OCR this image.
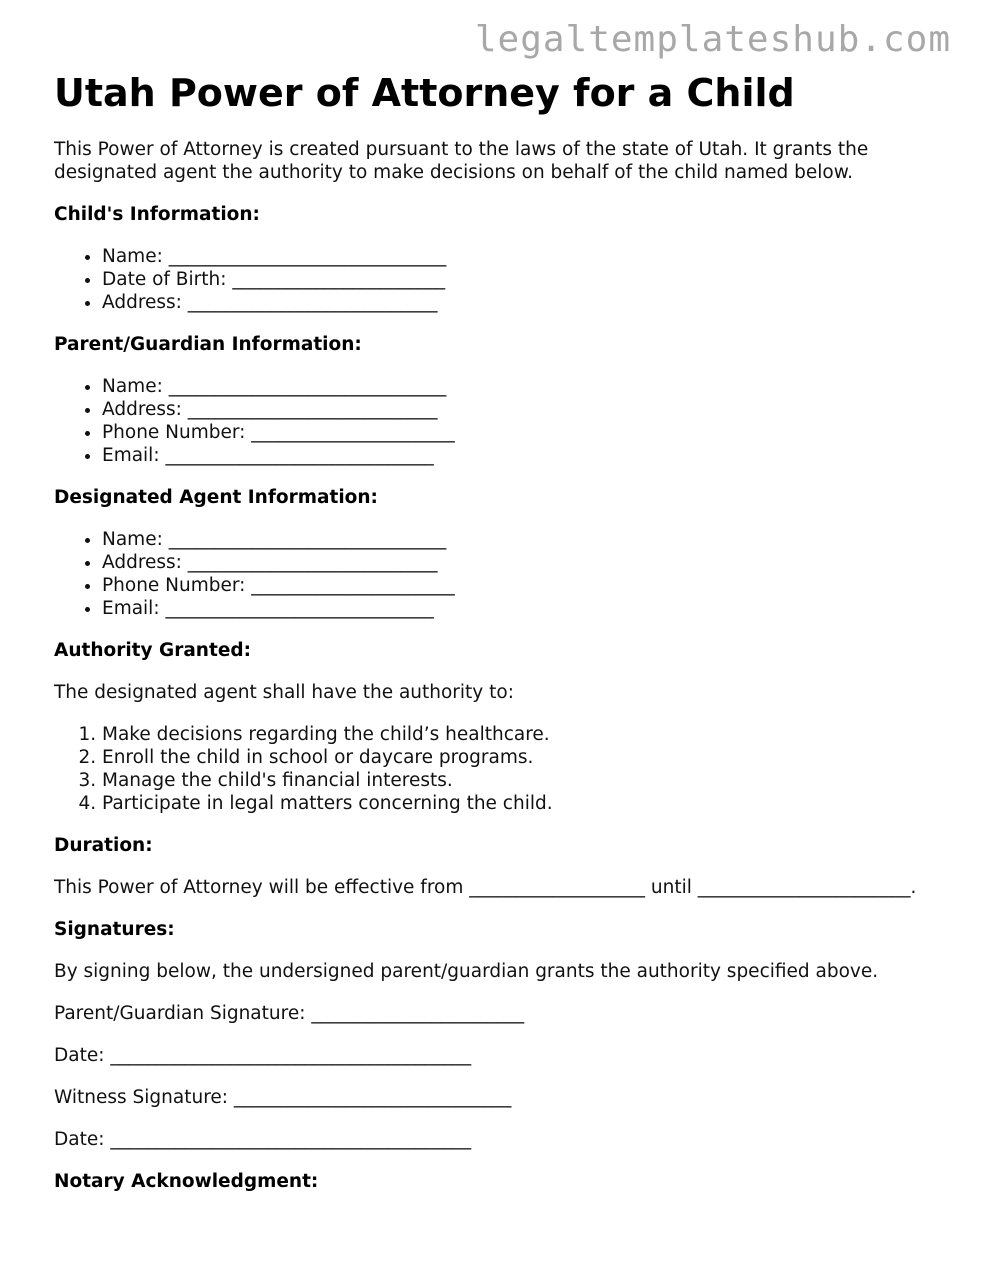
legaltemplateshub.com

Utah Power of Attorney for a Child

This Power of Attorney is created pursuant to the laws of the state of Utah. It grants the designated agent the authority to make decisions on behalf of the child named below.

Child's Information:
• Name: ______________________________
• Date of Birth: _______________________
• Address: ___________________________
Parent/Guardian Information:
• Name: ______________________________
• Address: ___________________________
• Phone Number: ______________________
• Email: _____________________________
Designated Agent Information:
• Name: ______________________________
• Address: ___________________________
• Phone Number: ______________________
• Email: _____________________________
Authority Granted:

The designated agent shall have the authority to:

1. Make decisions regarding the child’s healthcare.
2. Enroll the child in school or daycare programs.
3. Manage the child's financial interests.
4. Participate in legal matters concerning the child.
Duration:

This Power of Attorney will be effective from ___________________ until _______________________.

Signatures:

By signing below, the undersigned parent/guardian grants the authority specified above.

Parent/Guardian Signature: _______________________

Date: _______________________________________

Witness Signature: ______________________________

Date: _______________________________________

Notary Acknowledgment:
